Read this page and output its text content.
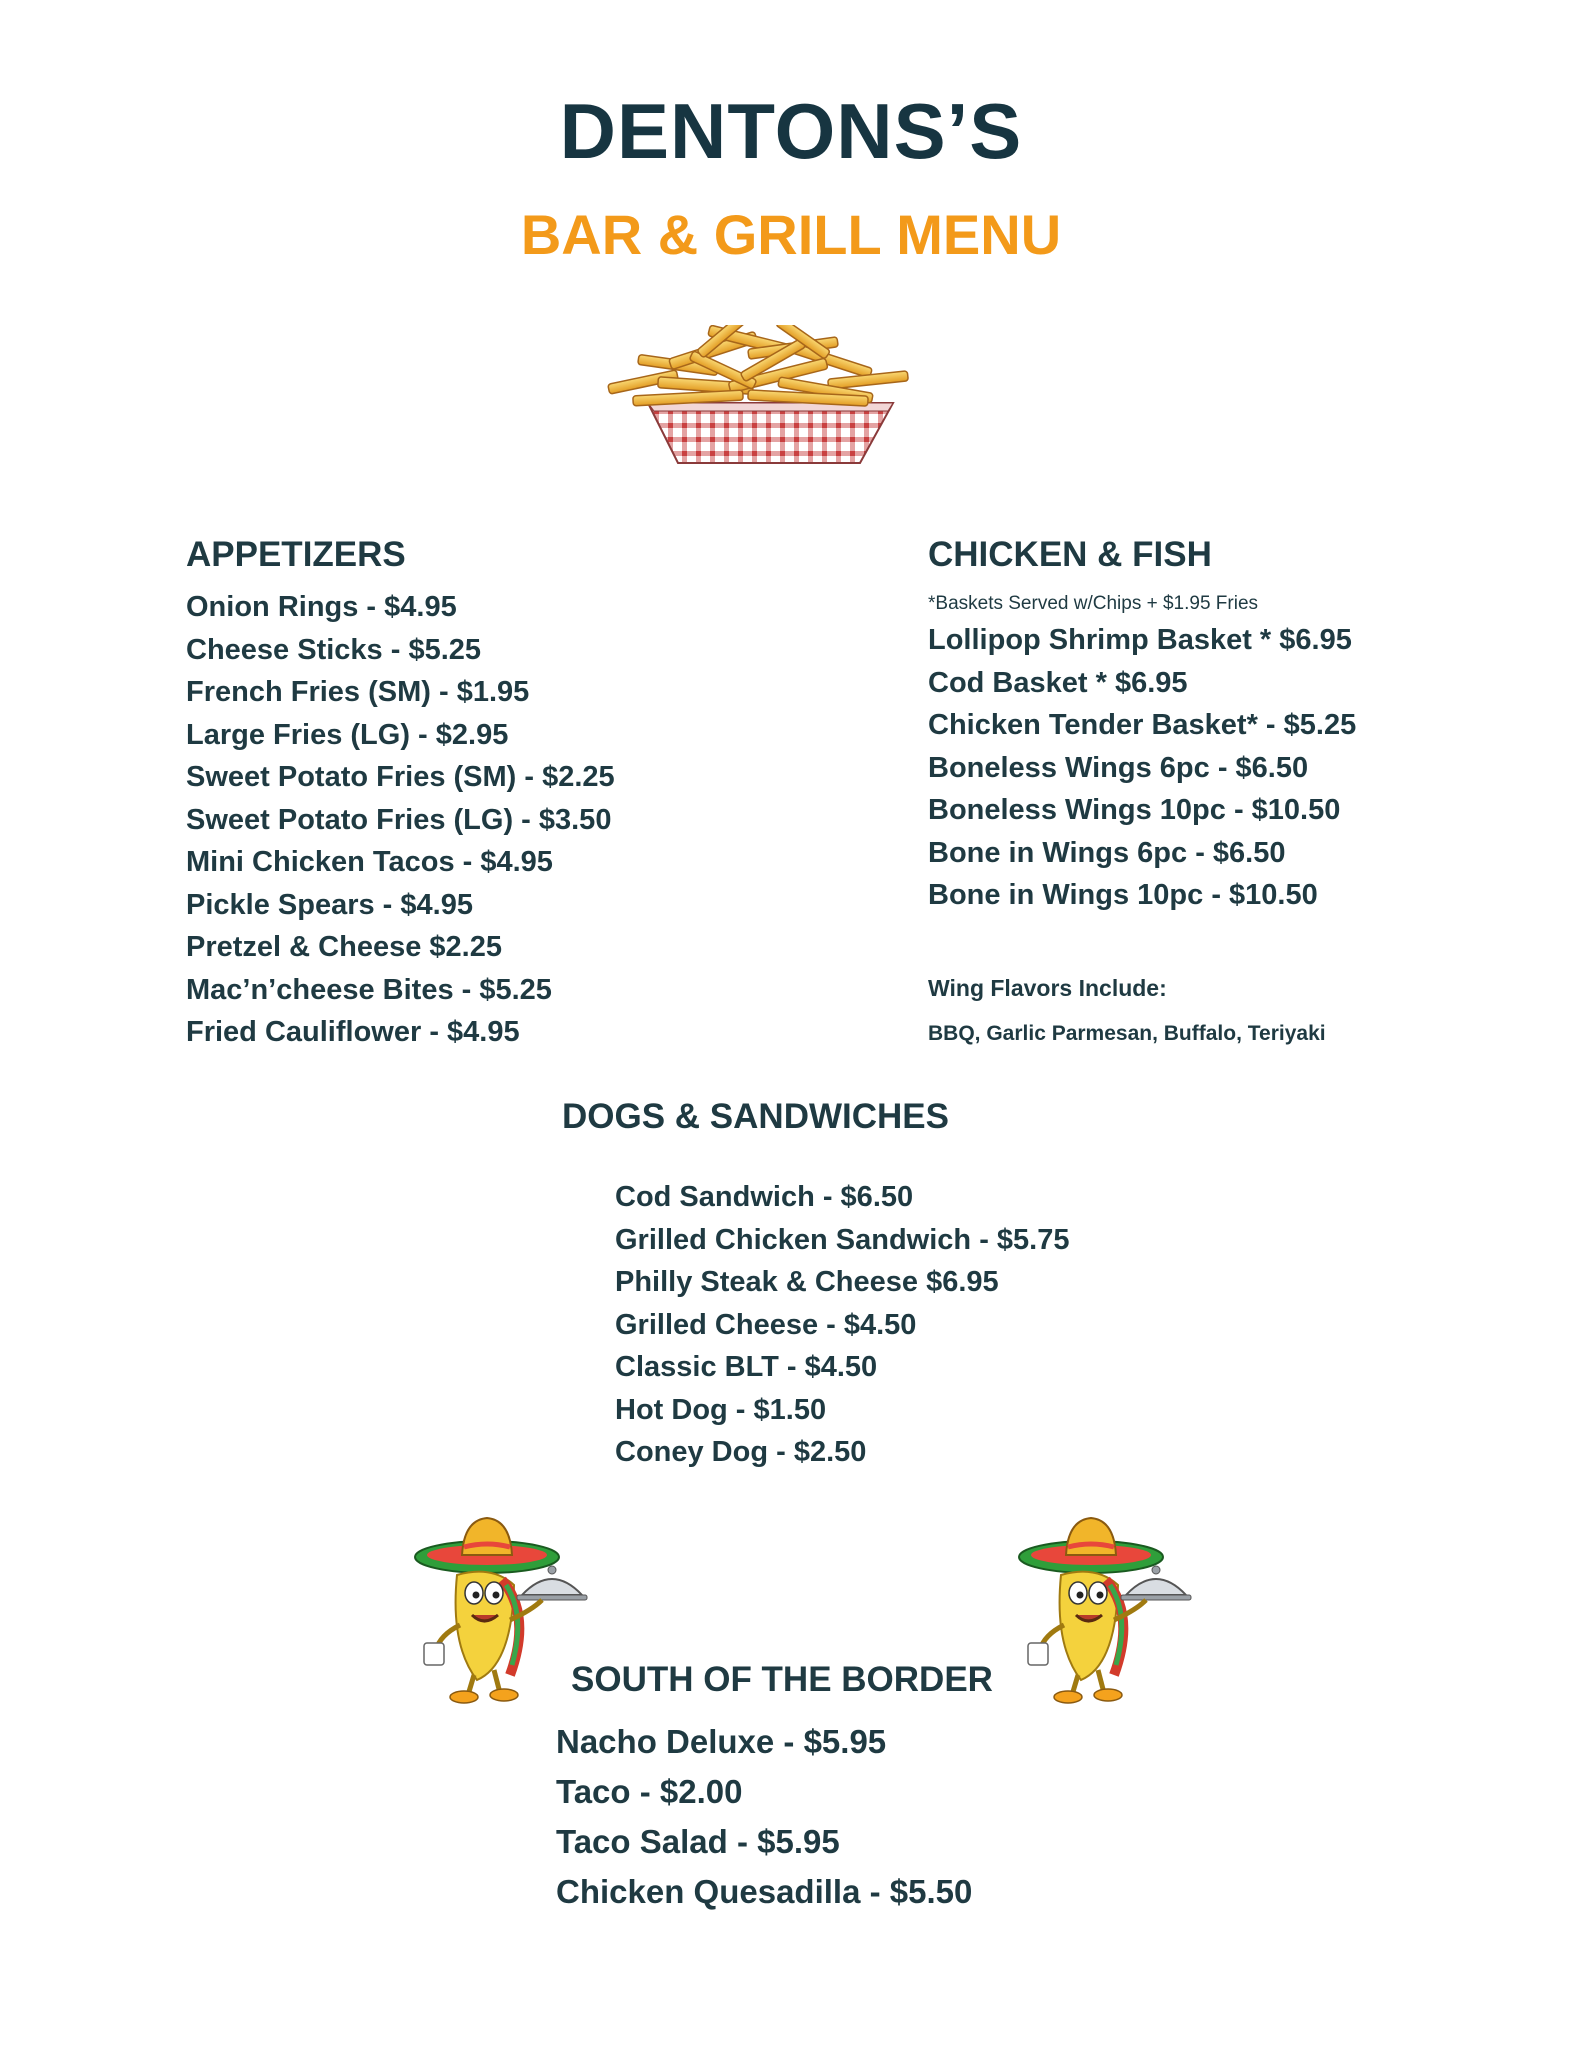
DENTONS’S
BAR & GRILL MENU
APPETIZERS
Onion Rings - $4.95
Cheese Sticks - $5.25
French Fries (SM) - $1.95
Large Fries (LG) - $2.95
Sweet Potato Fries (SM) - $2.25
Sweet Potato Fries (LG) - $3.50
Mini Chicken Tacos - $4.95
Pickle Spears - $4.95
Pretzel & Cheese $2.25
Mac’n’cheese Bites - $5.25
Fried Cauliflower - $4.95
CHICKEN & FISH
*Baskets Served w/Chips + $1.95 Fries
Lollipop Shrimp Basket * $6.95
Cod Basket * $6.95
Chicken Tender Basket* - $5.25
Boneless Wings 6pc - $6.50
Boneless Wings 10pc - $10.50
Bone in Wings 6pc - $6.50
Bone in Wings 10pc - $10.50
Wing Flavors Include:
BBQ, Garlic Parmesan, Buffalo, Teriyaki
DOGS & SANDWICHES
Cod Sandwich - $6.50
Grilled Chicken Sandwich - $5.75
Philly Steak & Cheese $6.95
Grilled Cheese - $4.50
Classic BLT - $4.50
Hot Dog - $1.50
Coney Dog - $2.50
SOUTH OF THE BORDER
Nacho Deluxe - $5.95
Taco - $2.00
Taco Salad - $5.95
Chicken Quesadilla - $5.50
